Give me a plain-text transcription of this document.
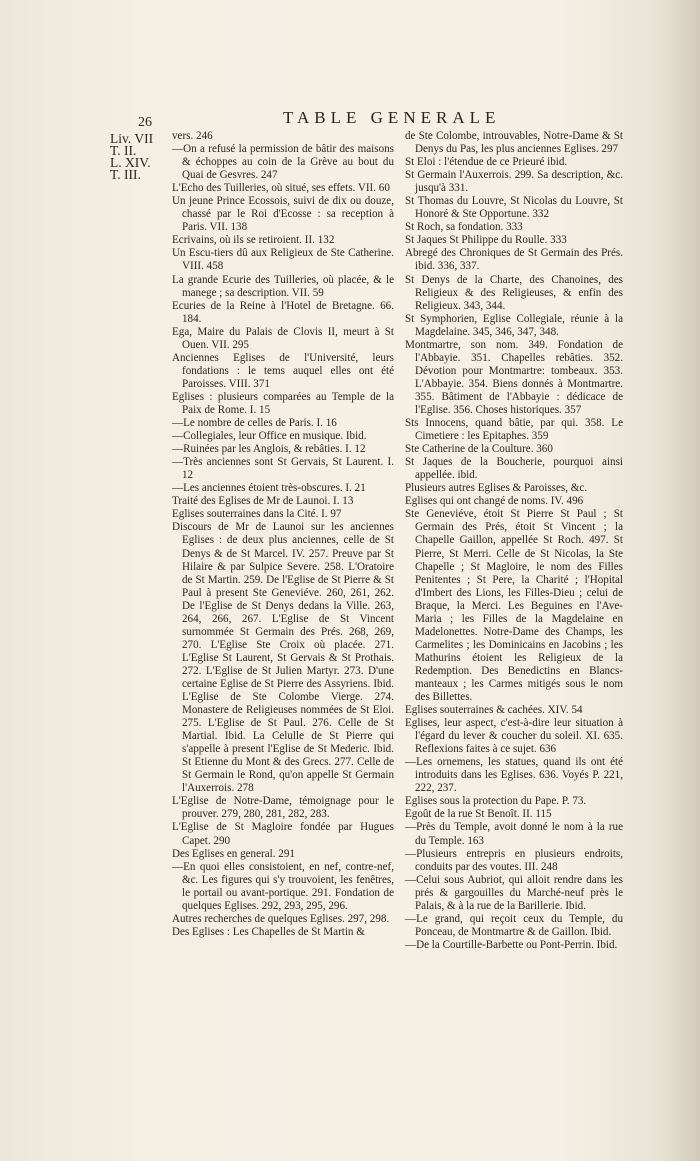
26	TABLE GENERALE
Liv. VII
T. II.
L. XIV.
T. III.

vers. 246

—On a refusé la permission de bâtir des maisons & échoppes au coin de la Grève au bout du Quai de Gesvres. 247

L'Echo des Tuilleries, où situé, ses effets. VII. 60

Un jeune Prince Ecossois, suivi de dix ou douze, chassé par le Roi d'Ecosse : sa reception à Paris. VII. 138

Ecrivains, où ils se retiroient. II. 132

Un Escu-tiers dû aux Religieux de Ste Catherine. VIII. 458

La grande Ecurie des Tuilleries, où placée, & le manege ; sa description. VII. 59

Ecuries de la Reine à l'Hotel de Bretagne. 66. 184.

Ega, Maire du Palais de Clovis II, meurt à St Ouen. VII. 295

Anciennes Eglises de l'Université, leurs fondations : le tems auquel elles ont été Paroisses. VIII. 371

Eglises : plusieurs comparées au Temple de la Paix de Rome. I. 15

—Le nombre de celles de Paris. I. 16

—Collegiales, leur Office en musique. Ibid.

—Ruinées par les Anglois, & rebâties. I. 12

—Très anciennes sont St Gervais, St Laurent. I. 12

—Les anciennes étoient très-obscures. I. 21

Traité des Eglises de Mr de Launoi. I. 13

Eglises souterraines dans la Cité. I. 97

Discours de Mr de Launoi sur les anciennes Eglises : de deux plus anciennes, celle de St Denys & de St Marcel. IV. 257. Preuve par St Hilaire & par Sulpice Severe. 258. L'Oratoire de St Martin. 259. De l'Eglise de St Pierre & St Paul à present Ste Geneviéve. 260, 261, 262. De l'Eglise de St Denys dedans la Ville. 263, 264, 266, 267. L'Eglise de St Vincent surnommée St Germain des Prés. 268, 269, 270. L'Eglise Ste Croix où placée. 271. L'Eglise St Laurent, St Gervais & St Prothais. 272. L'Eglise de St Julien Martyr. 273. D'une certaine Eglise de St Pierre des Assyriens. Ibid. L'Eglise de Ste Colombe Vierge. 274. Monastere de Religieuses nommées de St Eloi. 275. L'Eglise de St Paul. 276. Celle de St Martial. Ibid. La Celulle de St Pierre qui s'appelle à present l'Eglise de St Mederic. Ibid. St Etienne du Mont & des Grecs. 277. Celle de St Germain le Rond, qu'on appelle St Germain l'Auxerrois. 278

L'Eglise de Notre-Dame, témoignage pour le prouver. 279, 280, 281, 282, 283.

L'Eglise de St Magloire fondée par Hugues Capet. 290

Des Eglises en general. 291

—En quoi elles consistoient, en nef, contre-nef, &c. Les figures qui s'y trouvoient, les fenêtres, le portail ou avant-portique. 291. Fondation de quelques Eglises. 292, 293, 295, 296.

Autres recherches de quelques Eglises. 297, 298.

Des Eglises : Les Chapelles de St Martin &

de Ste Colombe, introuvables, Notre-Dame & St Denys du Pas, les plus anciennes Eglises. 297

St Eloi : l'étendue de ce Prieuré ibid.

St Germain l'Auxerrois. 299. Sa description, &c. jusqu'à 331.

St Thomas du Louvre, St Nicolas du Louvre, St Honoré & Ste Opportune. 332

St Roch, sa fondation. 333

St Jaques St Philippe du Roulle. 333

Abregé des Chroniques de St Germain des Prés. ibid. 336, 337.

St Denys de la Charte, des Chanoines, des Religieux & des Religieuses, & enfin des Religieux. 343, 344.

St Symphorien, Eglise Collegiale, réunie à la Magdelaine. 345, 346, 347, 348.

Montmartre, son nom. 349. Fondation de l'Abbayie. 351. Chapelles rebâties. 352. Dévotion pour Montmartre: tombeaux. 353. L'Abbayie. 354. Biens donnés à Montmartre. 355. Bâtiment de l'Abbayie : dédicace de l'Eglise. 356. Choses historiques. 357

Sts Innocens, quand bâtie, par qui. 358. Le Cimetiere : les Epitaphes. 359

Ste Catherine de la Coulture. 360

St Jaques de la Boucherie, pourquoi ainsi appellée. ibid.

Plusieurs autres Eglises & Paroisses, &c.

Eglises qui ont changé de noms. IV. 496

Ste Geneviéve, étoit St Pierre St Paul ; St Germain des Prés, étoit St Vincent ; la Chapelle Gaillon, appellée St Roch. 497. St Pierre, St Merri. Celle de St Nicolas, la Ste Chapelle ; St Magloire, le nom des Filles Penitentes ; St Pere, la Charité ; l'Hopital d'Imbert des Lions, les Filles-Dieu ; celui de Braque, la Merci. Les Beguines en l'Ave-Maria ; les Filles de la Magdelaine en Madelonettes. Notre-Dame des Champs, les Carmelites ; les Dominicains en Jacobins ; les Mathurins étoient les Religieux de la Redemption. Des Benedictins en Blancs-manteaux ; les Carmes mitigés sous le nom des Billettes.

Eglises souterraines & cachées. XIV. 54

Eglises, leur aspect, c'est-à-dire leur situation à l'égard du lever & coucher du soleil. XI. 635. Reflexions faites à ce sujet. 636

—Les ornemens, les statues, quand ils ont été introduits dans les Eglises. 636. Voyés P. 221, 222, 237.

Eglises sous la protection du Pape. P. 73.

Egoût de la rue St Benoît. II. 115

—Près du Temple, avoit donné le nom à la rue du Temple. 163

—Plusieurs entrepris en plusieurs endroits, conduits par des voutes. III. 248

—Celui sous Aubriot, qui alloit rendre dans les prés & gargouilles du Marché-neuf près le Palais, & à la rue de la Barillerie. Ibid.

—Le grand, qui reçoit ceux du Temple, du Ponceau, de Montmartre & de Gaillon. Ibid.

—De la Courtille-Barbette ou Pont-Perrin. Ibid.
